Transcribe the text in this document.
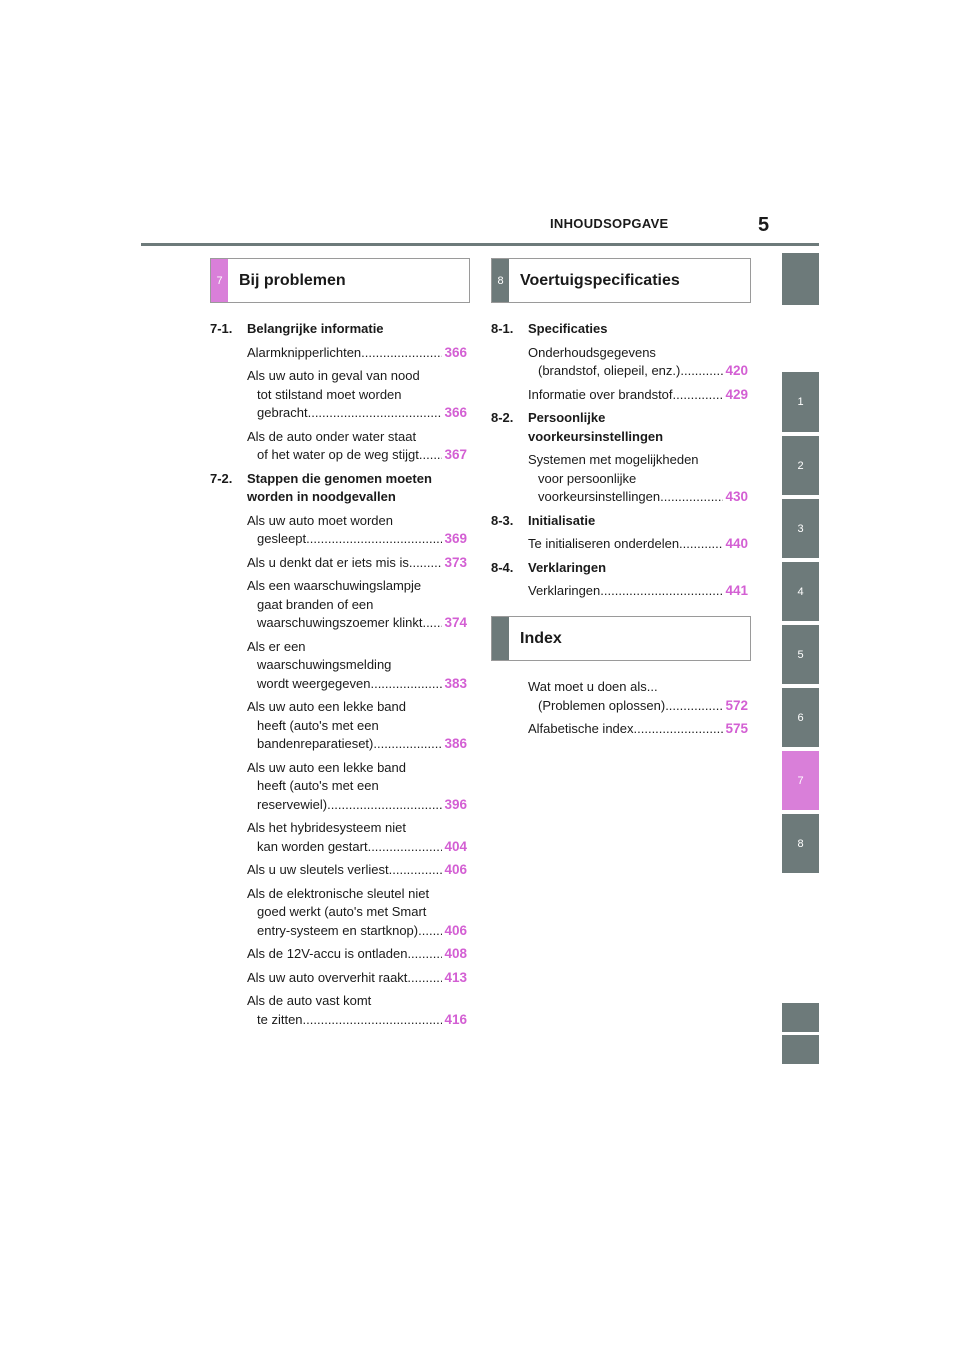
INHOUDSOPGAVE	5
1
2
3
4
5
6
7
8
7	Bij problemen	8	Voertuigspecificaties
Index
7-1.	Belangrijke informatie
Alarmknipperlichten .....	366
Als uw auto in geval van nood
tot stilstand moet worden
gebracht .....	366
Als de auto onder water staat
of het water op de weg stijgt ..... 367
7-2.	Stappen die genomen moeten
worden in noodgevallen
Als uw auto moet worden
gesleept .....	369
Als u denkt dat er iets mis is .....	373
Als een waarschuwingslampje
gaat branden of een
waarschuwingszoemer klinkt ..... 374
Als er een
waarschuwingsmelding
wordt weergegeven .....	383
Als uw auto een lekke band
heeft (auto's met een
bandenreparatieset) .....	386
Als uw auto een lekke band
heeft (auto's met een
reservewiel) .....	396
Als het hybridesysteem niet
kan worden gestart .....	404
Als u uw sleutels verliest .....	406
Als de elektronische sleutel niet
goed werkt (auto's met Smart
entry-systeem en startknop) ..... 406
Als de 12V-accu is ontladen .....	408
Als uw auto oververhit raakt .....	413
Als de auto vast komt
te zitten .....	416
8-1.	Specificaties
Onderhoudsgegevens
(brandstof, oliepeil, enz.) .....	420
Informatie over brandstof .....	429
8-2.	Persoonlijke
voorkeursinstellingen
Systemen met mogelijkheden
voor persoonlijke
voorkeursinstellingen .....	430
8-3.	Initialisatie
Te initialiseren onderdelen .....	440
8-4.	Verklaringen
Verklaringen .....	441
Wat moet u doen als...
(Problemen oplossen) .....	572
Alfabetische index .....	575
